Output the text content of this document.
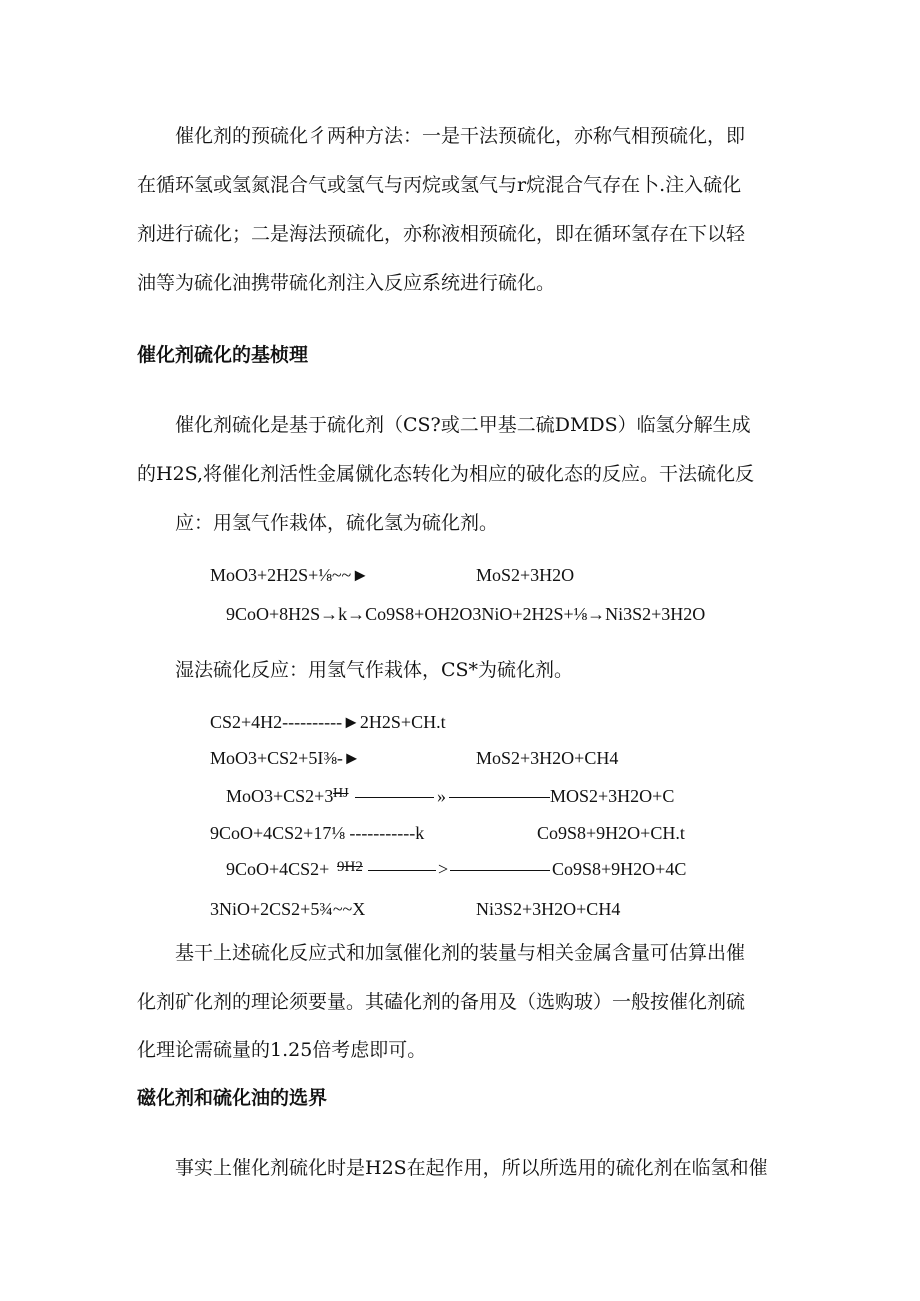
催化剂的预硫化彳两种方法：一是干法预硫化，亦称气相预硫化，即
在循环氢或氢氮混合气或氢气与丙烷或氢气与r烷混合气存在卜.注入硫化
剂进行硫化；二是海法预硫化，亦称液相预硫化，即在循环氢存在下以轻
油等为硫化油携带硫化剂注入反应系统进行硫化。
催化剂硫化的基桢理
催化剂硫化是基于硫化剂（CS?或二甲基二硫DMDS）临氢分解生成
的H2S,将催化剂活性金属僦化态转化为相应的破化态的反应。干法硫化反
应：用氢气作栽体，硫化氢为硫化剂。
MoO3+2H2S+⅛~~►	MoS2+3H2O
9CoO+8H2S→k→Co9S8+OH2O3NiO+2H2S+⅛→Ni3S2+3H2O
湿法硫化反应：用氢气作栽体，CS*为硫化剂。
CS2+4H2----------►2H2S+CH.t
MoO3+CS2+5I⅜-►	MoS2+3H2O+CH4
MoO3+CS2+3 HJ	»	MOS2+3H2O+C
9CoO+4CS2+17⅛ -----------k	Co9S8+9H2O+CH.t
9CoO+4CS2+ 9H2	>	Co9S8+9H2O+4C
3NiO+2CS2+5¾~~X	Ni3S2+3H2O+CH4
基干上述硫化反应式和加氢催化剂的装量与相关金属含量可估算出催
化剂矿化剂的理论须要量。其磕化剂的备用及（选购玻）一般按催化剂硫
化理论需硫量的1.25倍考虑即可。
磁化剂和硫化油的选界
事实上催化剂硫化时是H2S在起作用，所以所选用的硫化剂在临氢和催
